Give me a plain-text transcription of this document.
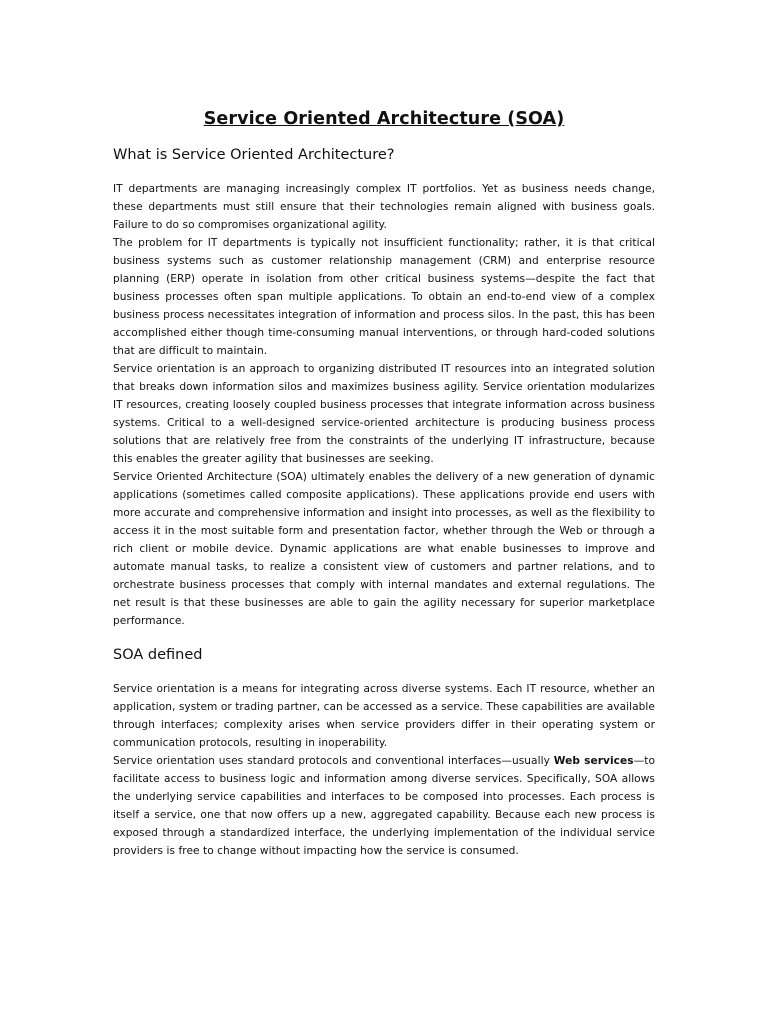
Service Oriented Architecture (SOA)
What is Service Oriented Architecture?

IT departments are managing increasingly complex IT portfolios. Yet as business needs change, these departments must still ensure that their technologies remain aligned with business goals. Failure to do so compromises organizational agility.

The problem for IT departments is typically not insufficient functionality; rather, it is that critical business systems such as customer relationship management (CRM) and enterprise resource planning (ERP) operate in isolation from other critical business systems—despite the fact that business processes often span multiple applications. To obtain an end-to-end view of a complex business process necessitates integration of information and process silos. In the past, this has been accomplished either though time-consuming manual interventions, or through hard-coded solutions that are difficult to maintain.

Service orientation is an approach to organizing distributed IT resources into an integrated solution that breaks down information silos and maximizes business agility. Service orientation modularizes IT resources, creating loosely coupled business processes that integrate information across business systems. Critical to a well-designed service-oriented architecture is producing business process solutions that are relatively free from the constraints of the underlying IT infrastructure, because this enables the greater agility that businesses are seeking.

Service Oriented Architecture (SOA) ultimately enables the delivery of a new generation of dynamic applications (sometimes called composite applications). These applications provide end users with more accurate and comprehensive information and insight into processes, as well as the flexibility to access it in the most suitable form and presentation factor, whether through the Web or through a rich client or mobile device. Dynamic applications are what enable businesses to improve and automate manual tasks, to realize a consistent view of customers and partner relations, and to orchestrate business processes that comply with internal mandates and external regulations. The net result is that these businesses are able to gain the agility necessary for superior marketplace performance.

SOA defined

Service orientation is a means for integrating across diverse systems. Each IT resource, whether an application, system or trading partner, can be accessed as a service. These capabilities are available through interfaces; complexity arises when service providers differ in their operating system or communication protocols, resulting in inoperability.

Service orientation uses standard protocols and conventional interfaces—usually Web services—to facilitate access to business logic and information among diverse services. Specifically, SOA allows the underlying service capabilities and interfaces to be composed into processes. Each process is itself a service, one that now offers up a new, aggregated capability. Because each new process is exposed through a standardized interface, the underlying implementation of the individual service providers is free to change without impacting how the service is consumed.
